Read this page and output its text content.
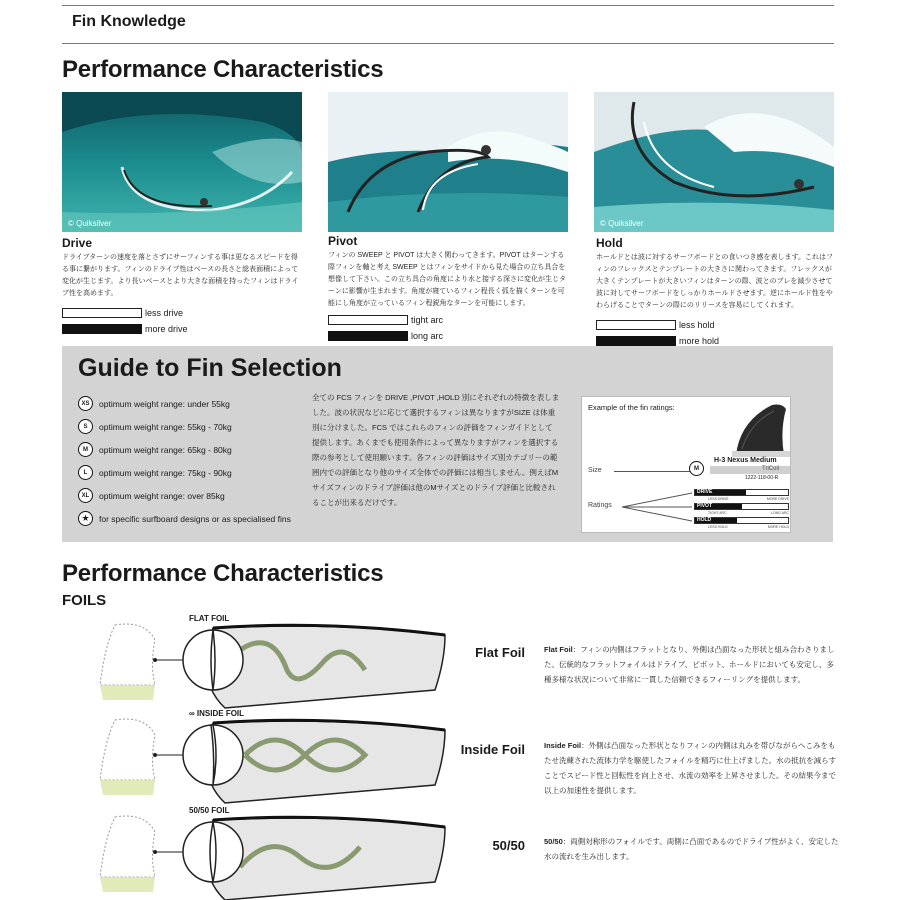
Fin Knowledge
Performance Characteristics
© Quiksilver	© Quiksilver
Drive
ドライブターンの速度を落とさずにサーフィンする事は更なるスピードを得る事に繋がります。フィンのドライブ性はベースの長さと総表面積によって変化が生じます。より長いベースとより大きな面積を持ったフィンはドライブ性を高めます。
less drive
more drive
Pivot
フィンの SWEEP と PIVOT は大きく関わってきます。PIVOT はターンする際フィンを軸と考え SWEEP とはフィンをサイドから見た場合の立ち具合を想像して下さい。この立ち具合の角度により水と接する深さに変化が生じターンに影響が生まれます。角度が寝ているフィン程長く弧を描くターンを可能にし角度が立っているフィン程鋭角なターンを可能にします。
tight arc
long arc
Hold
ホールドとは波に対するサーフボードとの食いつき感を表します。これはフィンのフレックスとテンプレートの大きさに関わってきます。フレックスが大きくテンプレートが大きいフィンはターンの際、波とのブレを減少させて波に対してサーフボードをしっかりホールドさせます。逆にホールド性をやわらげることでターンの際にのリリースを容易にしてくれます。
less hold
more hold
Guide to Fin Selection
XS	optimum weight range: under 55kg
S	optimum weight range: 55kg - 70kg
M	optimum weight range: 65kg - 80kg
L	optimum weight range: 75kg - 90kg
XL	optimum weight range: over 85kg
★	for specific surfboard designs or as specialised fins
全ての FCS フィンを DRIVE ,PIVOT ,HOLD 別にそれぞれの特徴を表しました。波の状況などに応じて選択するフィンは異なりますがSIZE は体重別に分けました。FCS ではこれらのフィンの評価をフィンガイドとして提供します。あくまでも使用条件によって異なりますがフィンを選択する際の参考として使用願います。各フィンの評価はサイズ別カテゴリーの範囲内での評価となり他のサイズ全体での評価には相当しません。例えばMサイズフィンのドライブ評価は他のMサイズとのドライブ評価と比較されることが出来るだけです。
Example of the fin ratings:
H-3 Nexus Medium
TriCoil
1222-118-00-R
Size	M
Ratings
DRIVE
LESS DRIVE	MORE DRIVE
PIVOT
TIGHT ARC	LONG ARC
HOLD
LESS HOLD	MORE HOLD
Performance Characteristics
FOILS
FLAT FOIL
∞ INSIDE FOIL
50/50 FOIL
Flat Foil	Flat Foil：フィンの内側はフラットとなり、外側は凸面なった形状と組み合わさりました。伝統的なフラットフォイルはドライブ、ピボット、ホールドにおいても安定し、多種多様な状況について非常に一貫した信頼できるフィーリングを提供します。
Inside Foil	Inside Foil：外側は凸面なった形状となりフィンの内側は丸みを帯びながらへこみをもたせ洗練された流体力学を駆使したフォイルを精巧に仕上げました。水の抵抗を減らすことでスピード性と回転性を向上させ、水流の効率を上昇させました。その結果今まで以上の加速性を提供します。
50/50	50/50：両側対称形のフォイルです。両側に凸面であるのでドライブ性がよく、安定した水の流れを生み出します。
